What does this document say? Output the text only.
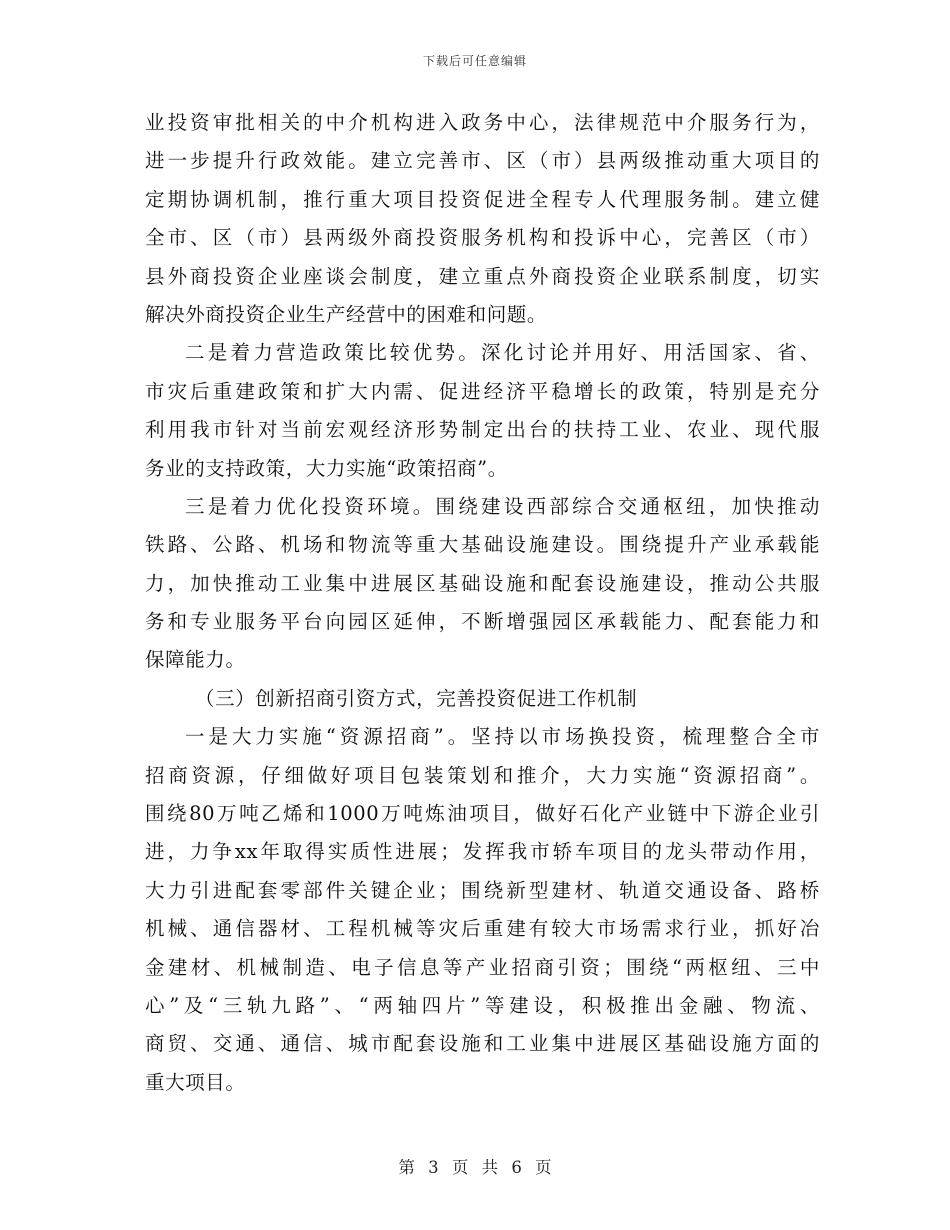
下载后可任意编辑
业投资审批相关的中介机构进入政务中心，法律规范中介服务行为，
进一步提升行政效能。建立完善市、区（市）县两级推动重大项目的
定期协调机制，推行重大项目投资促进全程专人代理服务制。建立健
全市、区（市）县两级外商投资服务机构和投诉中心，完善区（市）
县外商投资企业座谈会制度，建立重点外商投资企业联系制度，切实
解决外商投资企业生产经营中的困难和问题。
二是着力营造政策比较优势。深化讨论并用好、用活国家、省、
市灾后重建政策和扩大内需、促进经济平稳增长的政策，特别是充分
利用我市针对当前宏观经济形势制定出台的扶持工业、农业、现代服
务业的支持政策，大力实施“政策招商”。
三是着力优化投资环境。围绕建设西部综合交通枢纽，加快推动
铁路、公路、机场和物流等重大基础设施建设。围绕提升产业承载能
力，加快推动工业集中进展区基础设施和配套设施建设，推动公共服
务和专业服务平台向园区延伸，不断增强园区承载能力、配套能力和
保障能力。
（三）创新招商引资方式，完善投资促进工作机制
一是大力实施“资源招商”。坚持以市场换投资，梳理整合全市
招商资源，仔细做好项目包装策划和推介，大力实施“资源招商”。
围绕80万吨乙烯和1000万吨炼油项目，做好石化产业链中下游企业引
进，力争xx年取得实质性进展；发挥我市轿车项目的龙头带动作用，
大力引进配套零部件关键企业；围绕新型建材、轨道交通设备、路桥
机械、通信器材、工程机械等灾后重建有较大市场需求行业，抓好冶
金建材、机械制造、电子信息等产业招商引资；围绕“两枢纽、三中
心”及“三轨九路”、“两轴四片”等建设，积极推出金融、物流、
商贸、交通、通信、城市配套设施和工业集中进展区基础设施方面的
重大项目。
第 3 页 共 6 页
